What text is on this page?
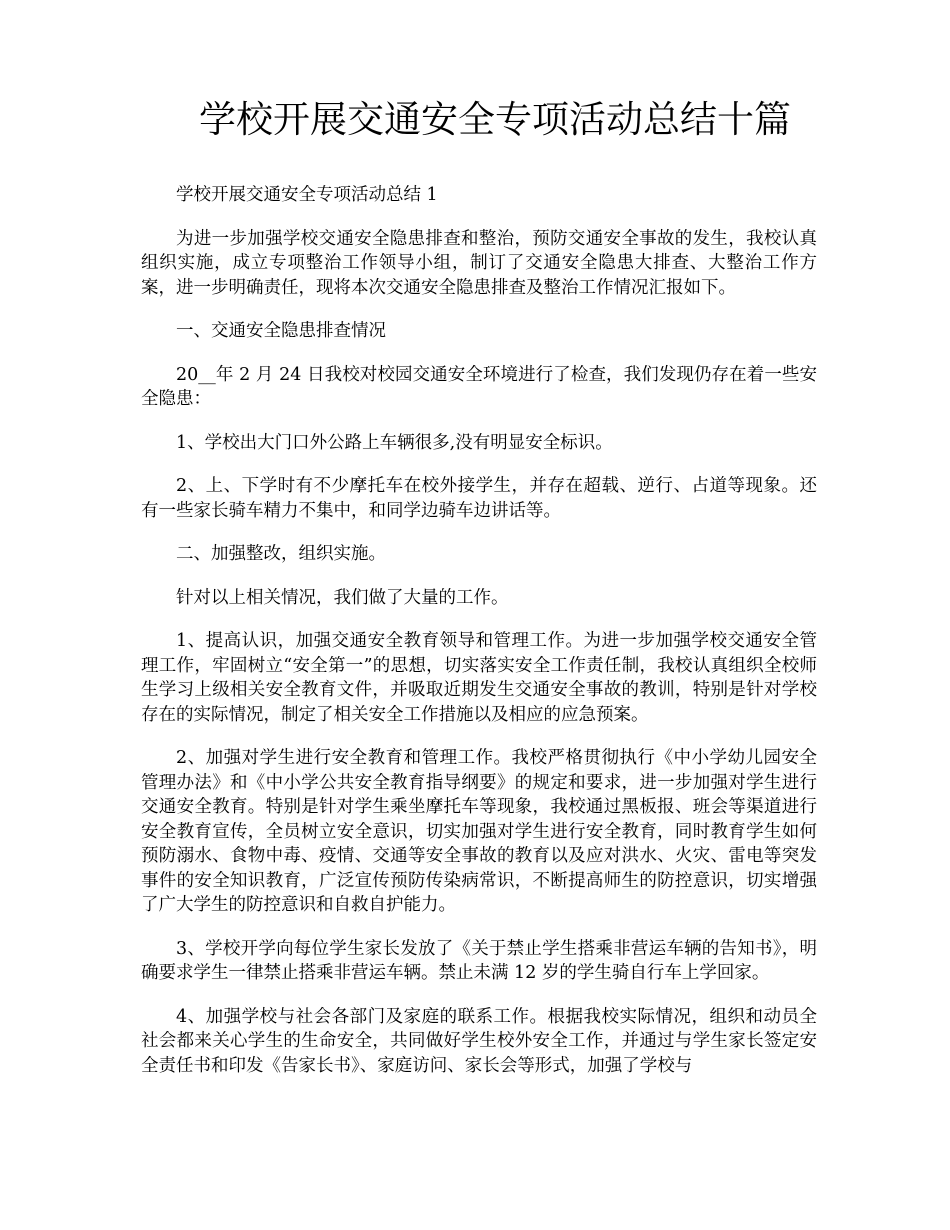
学校开展交通安全专项活动总结十篇

学校开展交通安全专项活动总结 1

为进一步加强学校交通安全隐患排查和整治，预防交通安全事故的发生，我校认真组织实施，成立专项整治工作领导小组，制订了交通安全隐患大排查、大整治工作方案，进一步明确责任，现将本次交通安全隐患排查及整治工作情况汇报如下。

一、交通安全隐患排查情况

20__年 2 月 24 日我校对校园交通安全环境进行了检查，我们发现仍存在着一些安全隐患：

1、学校出大门口外公路上车辆很多,没有明显安全标识。

2、上、下学时有不少摩托车在校外接学生，并存在超载、逆行、占道等现象。还有一些家长骑车精力不集中，和同学边骑车边讲话等。

二、加强整改，组织实施。

针对以上相关情况，我们做了大量的工作。

1、提高认识，加强交通安全教育领导和管理工作。为进一步加强学校交通安全管理工作，牢固树立“安全第一”的思想，切实落实安全工作责任制，我校认真组织全校师生学习上级相关安全教育文件，并吸取近期发生交通安全事故的教训，特别是针对学校存在的实际情况，制定了相关安全工作措施以及相应的应急预案。

2、加强对学生进行安全教育和管理工作。我校严格贯彻执行《中小学幼儿园安全管理办法》和《中小学公共安全教育指导纲要》的规定和要求，进一步加强对学生进行交通安全教育。特别是针对学生乘坐摩托车等现象，我校通过黑板报、班会等渠道进行安全教育宣传，全员树立安全意识，切实加强对学生进行安全教育，同时教育学生如何预防溺水、食物中毒、疫情、交通等安全事故的教育以及应对洪水、火灾、雷电等突发事件的安全知识教育，广泛宣传预防传染病常识，不断提高师生的防控意识，切实增强了广大学生的防控意识和自救自护能力。

3、学校开学向每位学生家长发放了《关于禁止学生搭乘非营运车辆的告知书》，明确要求学生一律禁止搭乘非营运车辆。禁止未满 12 岁的学生骑自行车上学回家。

4、加强学校与社会各部门及家庭的联系工作。根据我校实际情况，组织和动员全社会都来关心学生的生命安全，共同做好学生校外安全工作，并通过与学生家长签定安全责任书和印发《告家长书》、家庭访问、家长会等形式，加强了学校与
